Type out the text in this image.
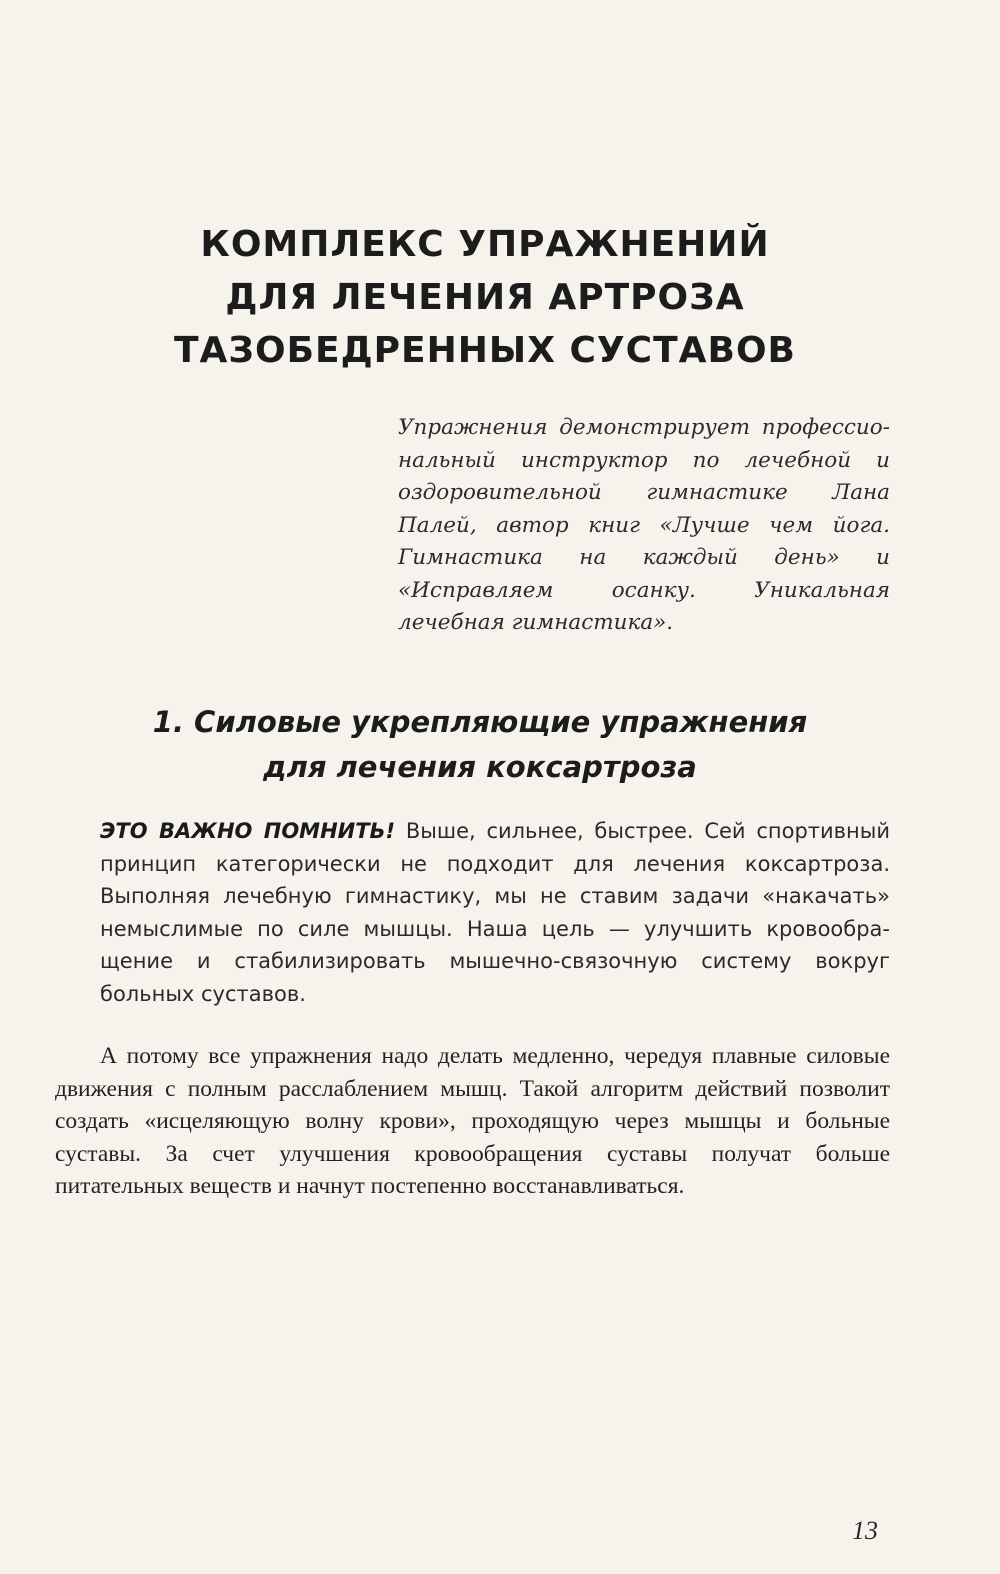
КОМПЛЕКС УПРАЖНЕНИЙ
ДЛЯ ЛЕЧЕНИЯ АРТРОЗА
ТАЗОБЕДРЕННЫХ СУСТАВОВ
Упражнения демонстрирует профессиональный инструктор по лечебной и оздоровительной гимнастике Лана Палей, автор книг «Лучше чем йога. Гимнастика на каждый день» и «Исправляем осанку. Уникальная лечебная гимнастика».
1. Силовые укрепляющие упражнения
для лечения коксартроза
ЭТО ВАЖНО ПОМНИТЬ! Выше, сильнее, быстрее. Сей спортивный принцип категорически не подходит для лечения коксартроза. Выполняя лечебную гимнастику, мы не ставим задачи «накачать» немыслимые по силе мышцы. Наша цель — улучшить кровообращение и стабилизировать мышечно-связочную систему вокруг больных суставов.
А потому все упражнения надо делать медленно, чередуя плавные силовые движения с полным расслаблением мышц. Такой алгоритм действий позволит создать «исцеляющую волну крови», проходящую через мышцы и больные суставы. За счет улучшения кровообращения суставы получат больше питательных веществ и начнут постепенно восстанавливаться.
13
